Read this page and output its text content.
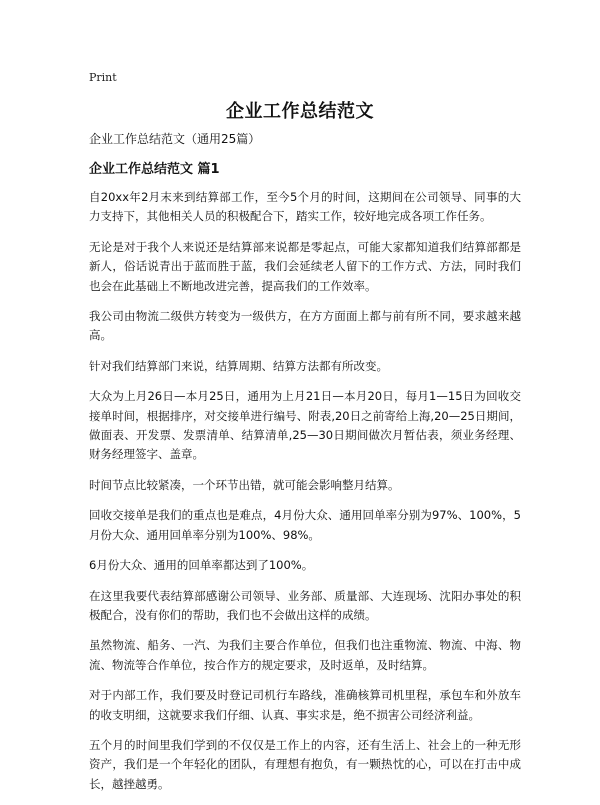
Print
企业工作总结范文

企业工作总结范文（通用25篇）

企业工作总结范文 篇1

自20xx年2月末来到结算部工作，至今5个月的时间，这期间在公司领导、同事的大力支持下，其他相关人员的积极配合下，踏实工作，较好地完成各项工作任务。

无论是对于我个人来说还是结算部来说都是零起点，可能大家都知道我们结算部都是新人，俗话说青出于蓝而胜于蓝，我们会延续老人留下的工作方式、方法，同时我们也会在此基础上不断地改进完善，提高我们的工作效率。

我公司由物流二级供方转变为一级供方，在方方面面上都与前有所不同，要求越来越高。

针对我们结算部门来说，结算周期、结算方法都有所改变。

大众为上月26日—本月25日，通用为上月21日—本月20日，每月1—15日为回收交接单时间，根据排序，对交接单进行编号、附表,20日之前寄给上海,20—25日期间，做面表、开发票、发票清单、结算清单,25—30日期间做次月暂估表，须业务经理、财务经理签字、盖章。

时间节点比较紧凑，一个环节出错，就可能会影响整月结算。

回收交接单是我们的重点也是难点，4月份大众、通用回单率分别为97%、100%，5月份大众、通用回单率分别为100%、98%。

6月份大众、通用的回单率都达到了100%。

在这里我要代表结算部感谢公司领导、业务部、质量部、大连现场、沈阳办事处的积极配合，没有你们的帮助，我们也不会做出这样的成绩。

虽然物流、船务、一汽、为我们主要合作单位，但我们也注重物流、物流、中海、物流、物流等合作单位，按合作方的规定要求，及时返单，及时结算。

对于内部工作，我们要及时登记司机行车路线，准确核算司机里程，承包车和外放车的收支明细，这就要求我们仔细、认真、事实求是，绝不损害公司经济利益。

五个月的时间里我们学到的不仅仅是工作上的内容，还有生活上、社会上的一种无形资产，我们是一个年轻化的团队，有理想有抱负，有一颗热忱的心，可以在打击中成长，越挫越勇。
